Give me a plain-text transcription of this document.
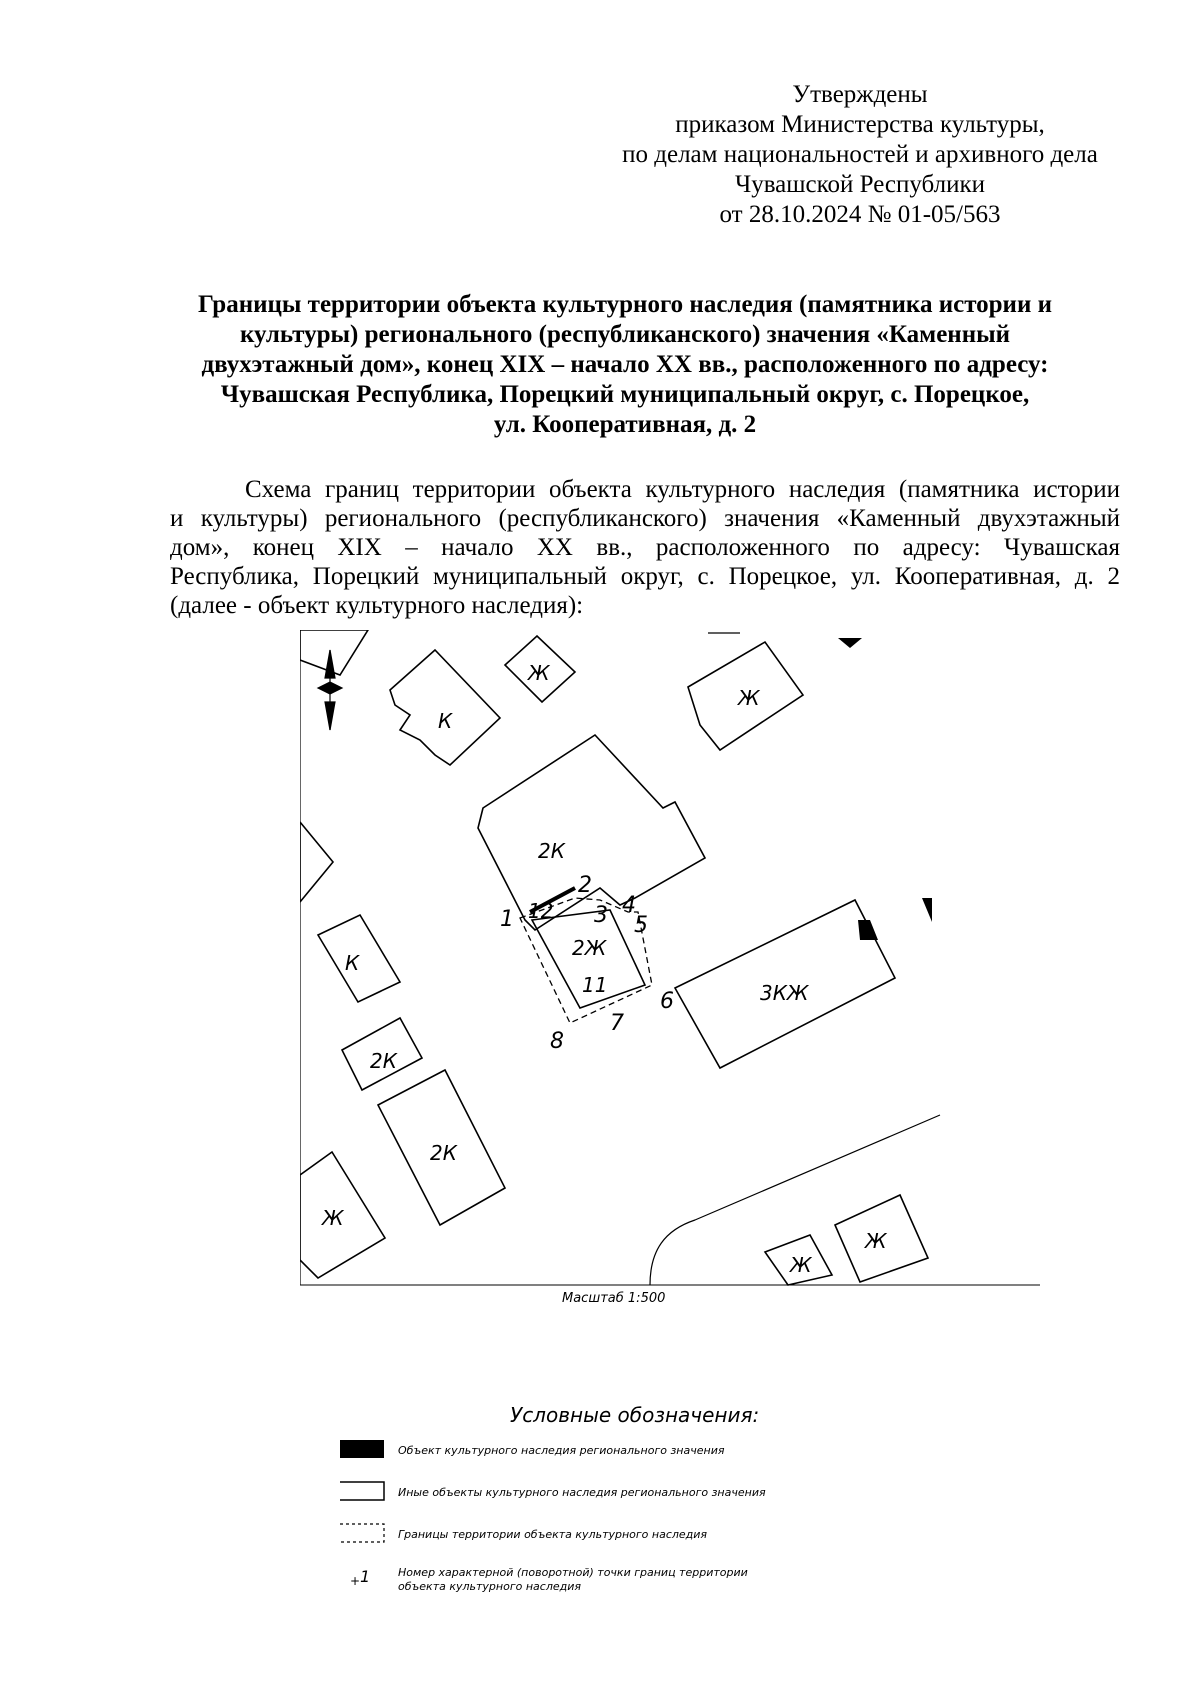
Утверждены
приказом Министерства культуры,
по делам национальностей и архивного дела
Чувашской Республики
от 28.10.2024 № 01-05/563
Границы территории объекта культурного наследия (памятника истории и
культуры) регионального (республиканского) значения «Каменный
двухэтажный дом», конец XIX – начало XX вв., расположенного по адресу:
Чувашская Республика, Порецкий муниципальный округ, с. Порецкое,
ул. Кооперативная, д. 2
Схема границ территории объекта культурного наследия (памятника истории
и культуры) регионального (республиканского) значения «Каменный двухэтажный
дом», конец XIX – начало XX вв., расположенного по адресу: Чувашская
Республика, Порецкий муниципальный округ, с. Порецкое, ул. Кооперативная, д. 2
(далее - объект культурного наследия):
К
Ж
Ж
2К
12
2Ж
11	3КЖ
К
2К
2К
Ж
Ж
Ж
1
2
3 4
5
6
7
8
Масштаб 1:500
Условные обозначения:
Объект культурного наследия регионального значения
Иные объекты культурного наследия регионального значения
Границы территории объекта культурного наследия
+ 1	Номер характерной (поворотной) точки границ территории
объекта культурного наследия
